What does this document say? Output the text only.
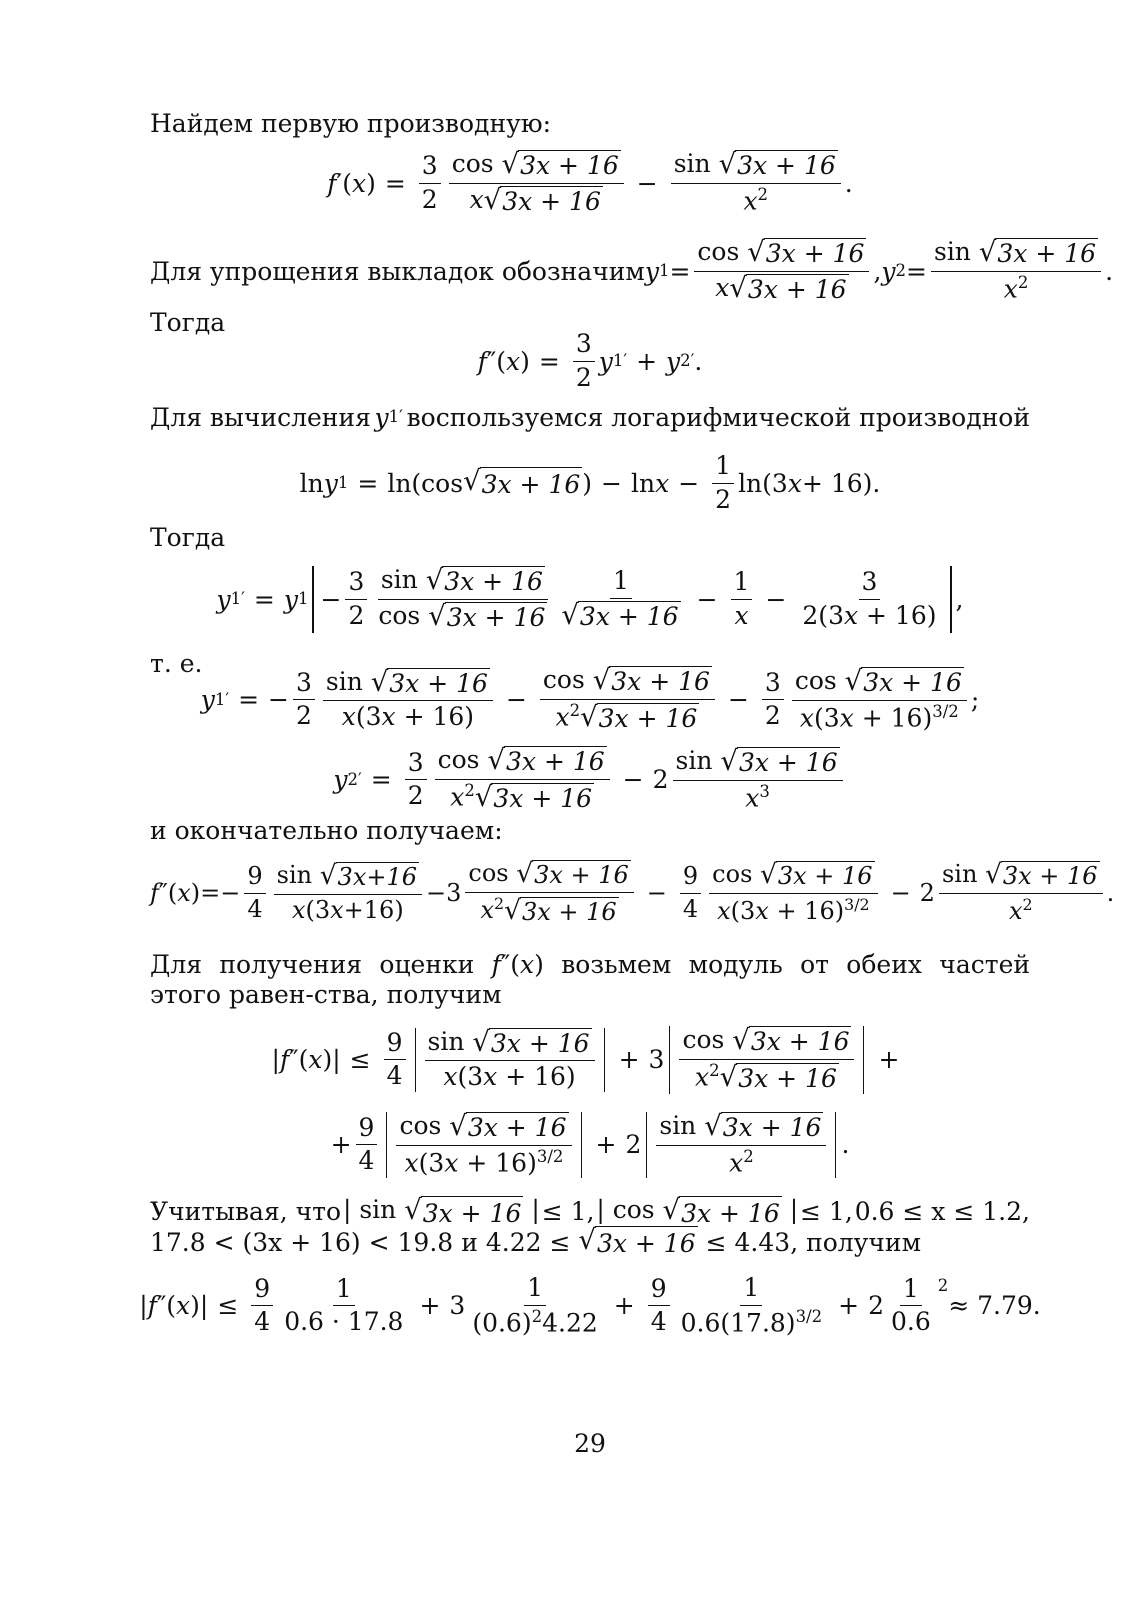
Найдем первую производную:

f ′( x ) = $\frac{3}{2} \frac{\cos √ 3x + 16}{x √ 3x + 16} - \frac{\sin √ 3x + 16}{x^2}$ .
Для упрощения выкладок обозначим y $1 = \frac{\cos √ 3x + 16}{x √ 3x + 16}$ , y $2 = \frac{\sin √ 3x + 16}{x^2}$ .

Тогда

f ″( x ) = $\frac{3}{2}$ y 1 ′ + y 2 ′ .
Для вычисления y 1 ′ воспользуемся логарифмической производной
ln y 1 = ln(cos √ 3x + 16 ) − $\ln x - \frac{1}{2} \ln(3$ x + 16).

Тогда

y 1 ′ = y $1 - \frac{3}{2} \frac{\sin √ 3x + 16}{\cos √ 3x + 16} \frac{1}{√ 3x + 16} - \frac{1}{x} - \frac{3}{2(3x + 16)}$ ,

т. е.

y 1 ′ = − $\frac{3}{2} \frac{\sin √ 3x + 16}{x(3x + 16)} - \frac{\cos √ 3x + 16}{x^2 √ 3x + 16} - \frac{3}{2} \frac{\cos √ 3x + 16}{x(3x + 16)^{3/2}}$ ;
y 2 ′ = $\frac{3}{2} \frac{\cos √ 3x + 16}{x^2 √ 3x + 16} - 2 \frac{\sin √ 3x + 16}{x^3}$

и окончательно получаем:

f ″( x )=− $\frac{9}{4} \frac{\sin √ 3x+16}{x(3x+16)} -3 \frac{\cos √ 3x + 16}{x^2 √ 3x + 16} - \frac{9}{4} \frac{\cos √ 3x + 16}{x(3x + 16)^{3/2}} - 2 \frac{\sin √ 3x + 16}{x^2}$ .

Для получения оценки f″(x) возьмем модуль от обеих частей этого равен-ства, получим

| f ″( x )| ≤ $\frac{9}{4} \frac{\sin √ 3x + 16}{x(3x + 16)} + 3 \frac{\cos √ 3x + 16}{x^2 √ 3x + 16}$ +
+ $\frac{9}{4} \frac{\cos √ 3x + 16}{x(3x + 16)^{3/2}} + 2 \frac{\sin √ 3x + 16}{x^2}$ .
Учитывая, что | sin √ 3x + 16 | ≤ 1, | cos √ 3x + 16 | ≤ 1, 0.6 ≤ x ≤ 1.2,
17.8 < (3x + 16) < 19.8 и 4.22 ≤ √ 3x + 16 ≤ 4.43 , получим
| f ″( x )| ≤ $\frac{9}{4} \frac{1}{0.6 \cdot 17.8} + 3 \frac{1}{(0.6)^24.22} + \frac{9}{4} \frac{1}{0.6(17.8)^{3/2}} + 2 \frac{1}{0.6}^2$
≈ 7.79.
29
